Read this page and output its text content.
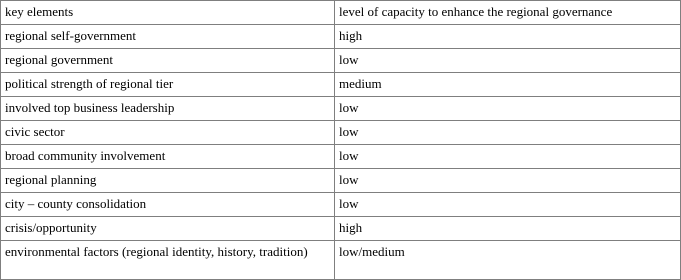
key elements	level of capacity to enhance the regional governance
regional self-government	high
regional government	low
political strength of regional tier	medium
involved top business leadership	low
civic sector	low
broad community involvement	low
regional planning	low
city – county consolidation	low
crisis/opportunity	high
environmental factors (regional identity, history, tradition)	low/medium
